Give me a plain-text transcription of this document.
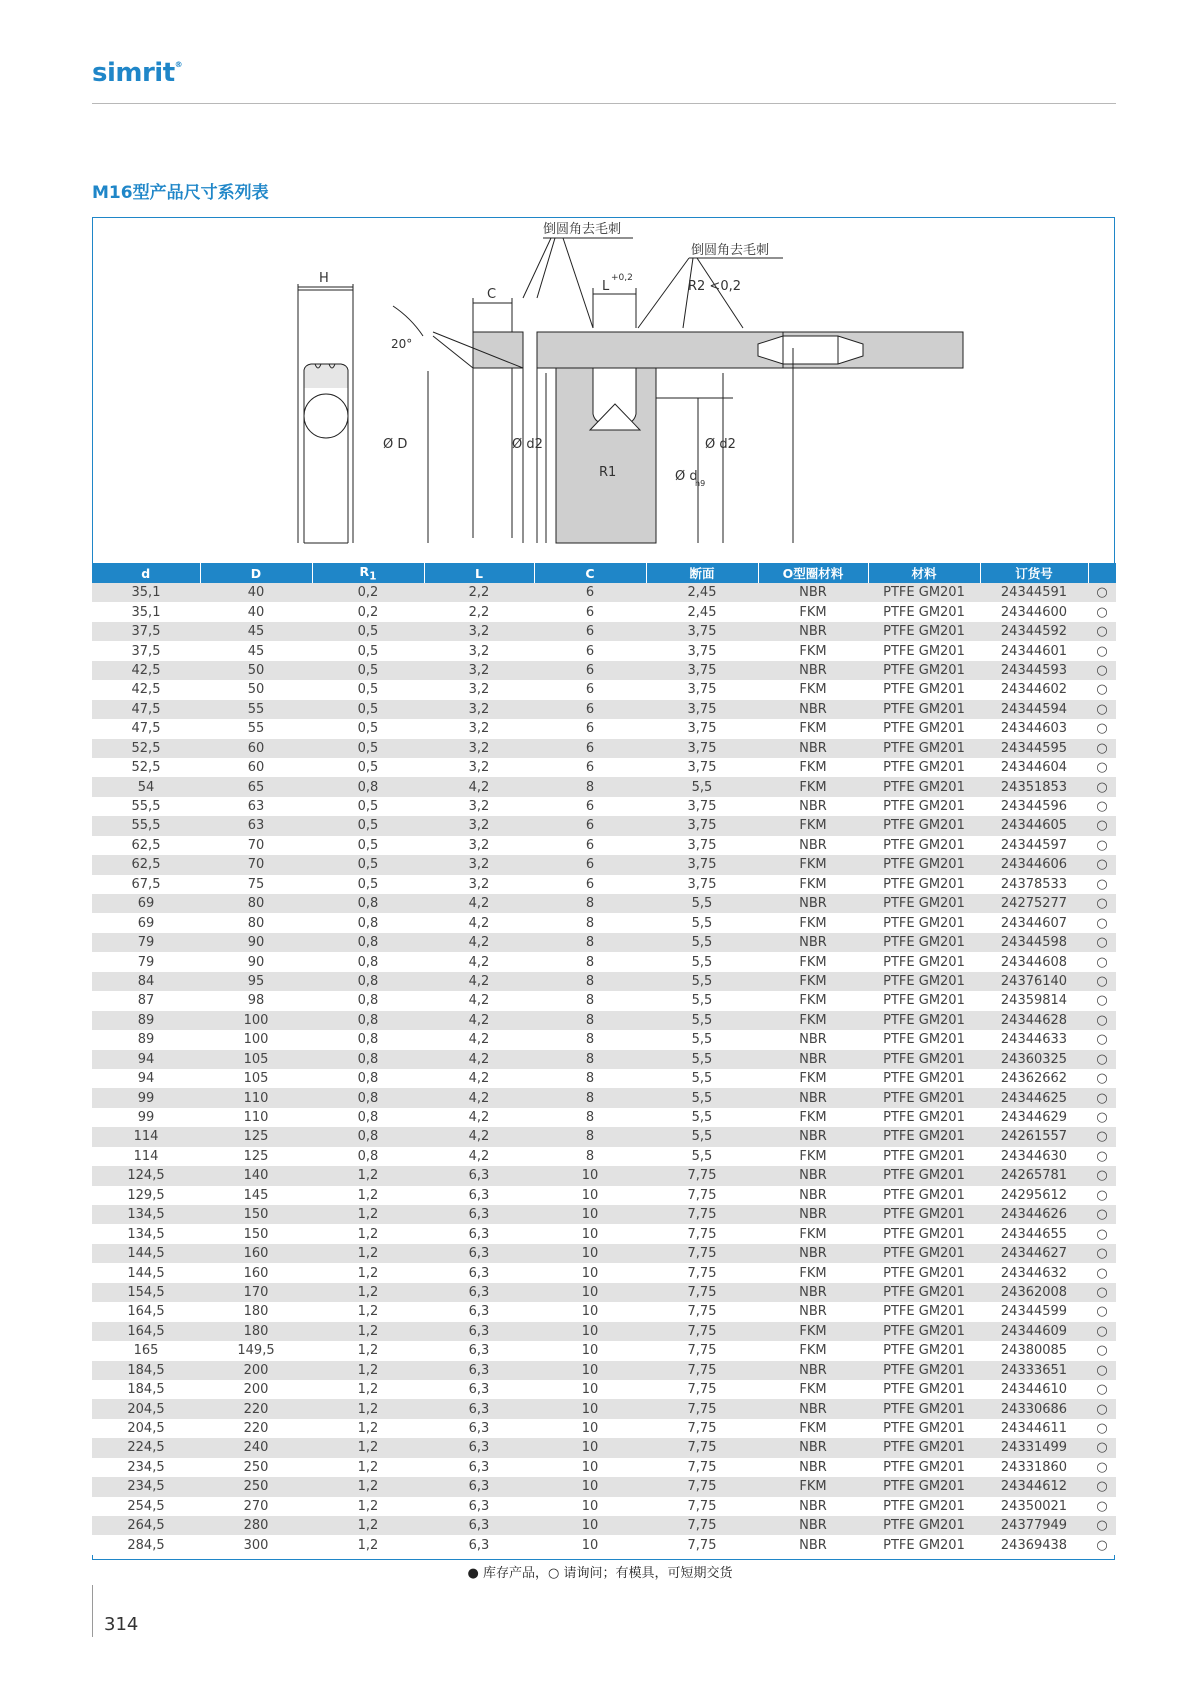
simrit®
M16型产品尺寸系列表
H
C
L
+0,2
20°
Ø D	Ø d2	Ø d2
R1	Ø d
h9
R2 <0,2
倒圆角去毛刺
倒圆角去毛刺
d	D	$R_1$	L	C	断面	O型圈材料	材料	订货号	
35,1	40	0,2	2,2	6	2,45	NBR	PTFE GM201	24344591	○
35,1	40	0,2	2,2	6	2,45	FKM	PTFE GM201	24344600	○
37,5	45	0,5	3,2	6	3,75	NBR	PTFE GM201	24344592	○
37,5	45	0,5	3,2	6	3,75	FKM	PTFE GM201	24344601	○
42,5	50	0,5	3,2	6	3,75	NBR	PTFE GM201	24344593	○
42,5	50	0,5	3,2	6	3,75	FKM	PTFE GM201	24344602	○
47,5	55	0,5	3,2	6	3,75	NBR	PTFE GM201	24344594	○
47,5	55	0,5	3,2	6	3,75	FKM	PTFE GM201	24344603	○
52,5	60	0,5	3,2	6	3,75	NBR	PTFE GM201	24344595	○
52,5	60	0,5	3,2	6	3,75	FKM	PTFE GM201	24344604	○
54	65	0,8	4,2	8	5,5	FKM	PTFE GM201	24351853	○
55,5	63	0,5	3,2	6	3,75	NBR	PTFE GM201	24344596	○
55,5	63	0,5	3,2	6	3,75	FKM	PTFE GM201	24344605	○
62,5	70	0,5	3,2	6	3,75	NBR	PTFE GM201	24344597	○
62,5	70	0,5	3,2	6	3,75	FKM	PTFE GM201	24344606	○
67,5	75	0,5	3,2	6	3,75	FKM	PTFE GM201	24378533	○
69	80	0,8	4,2	8	5,5	NBR	PTFE GM201	24275277	○
69	80	0,8	4,2	8	5,5	FKM	PTFE GM201	24344607	○
79	90	0,8	4,2	8	5,5	NBR	PTFE GM201	24344598	○
79	90	0,8	4,2	8	5,5	FKM	PTFE GM201	24344608	○
84	95	0,8	4,2	8	5,5	FKM	PTFE GM201	24376140	○
87	98	0,8	4,2	8	5,5	FKM	PTFE GM201	24359814	○
89	100	0,8	4,2	8	5,5	FKM	PTFE GM201	24344628	○
89	100	0,8	4,2	8	5,5	NBR	PTFE GM201	24344633	○
94	105	0,8	4,2	8	5,5	NBR	PTFE GM201	24360325	○
94	105	0,8	4,2	8	5,5	FKM	PTFE GM201	24362662	○
99	110	0,8	4,2	8	5,5	NBR	PTFE GM201	24344625	○
99	110	0,8	4,2	8	5,5	FKM	PTFE GM201	24344629	○
114	125	0,8	4,2	8	5,5	NBR	PTFE GM201	24261557	○
114	125	0,8	4,2	8	5,5	FKM	PTFE GM201	24344630	○
124,5	140	1,2	6,3	10	7,75	NBR	PTFE GM201	24265781	○
129,5	145	1,2	6,3	10	7,75	NBR	PTFE GM201	24295612	○
134,5	150	1,2	6,3	10	7,75	NBR	PTFE GM201	24344626	○
134,5	150	1,2	6,3	10	7,75	FKM	PTFE GM201	24344655	○
144,5	160	1,2	6,3	10	7,75	NBR	PTFE GM201	24344627	○
144,5	160	1,2	6,3	10	7,75	FKM	PTFE GM201	24344632	○
154,5	170	1,2	6,3	10	7,75	NBR	PTFE GM201	24362008	○
164,5	180	1,2	6,3	10	7,75	NBR	PTFE GM201	24344599	○
164,5	180	1,2	6,3	10	7,75	FKM	PTFE GM201	24344609	○
165	149,5	1,2	6,3	10	7,75	FKM	PTFE GM201	24380085	○
184,5	200	1,2	6,3	10	7,75	NBR	PTFE GM201	24333651	○
184,5	200	1,2	6,3	10	7,75	FKM	PTFE GM201	24344610	○
204,5	220	1,2	6,3	10	7,75	NBR	PTFE GM201	24330686	○
204,5	220	1,2	6,3	10	7,75	FKM	PTFE GM201	24344611	○
224,5	240	1,2	6,3	10	7,75	NBR	PTFE GM201	24331499	○
234,5	250	1,2	6,3	10	7,75	NBR	PTFE GM201	24331860	○
234,5	250	1,2	6,3	10	7,75	FKM	PTFE GM201	24344612	○
254,5	270	1,2	6,3	10	7,75	NBR	PTFE GM201	24350021	○
264,5	280	1,2	6,3	10	7,75	NBR	PTFE GM201	24377949	○
284,5	300	1,2	6,3	10	7,75	NBR	PTFE GM201	24369438	○

● 库存产品，○ 请询问；有模具，可短期交货

314
